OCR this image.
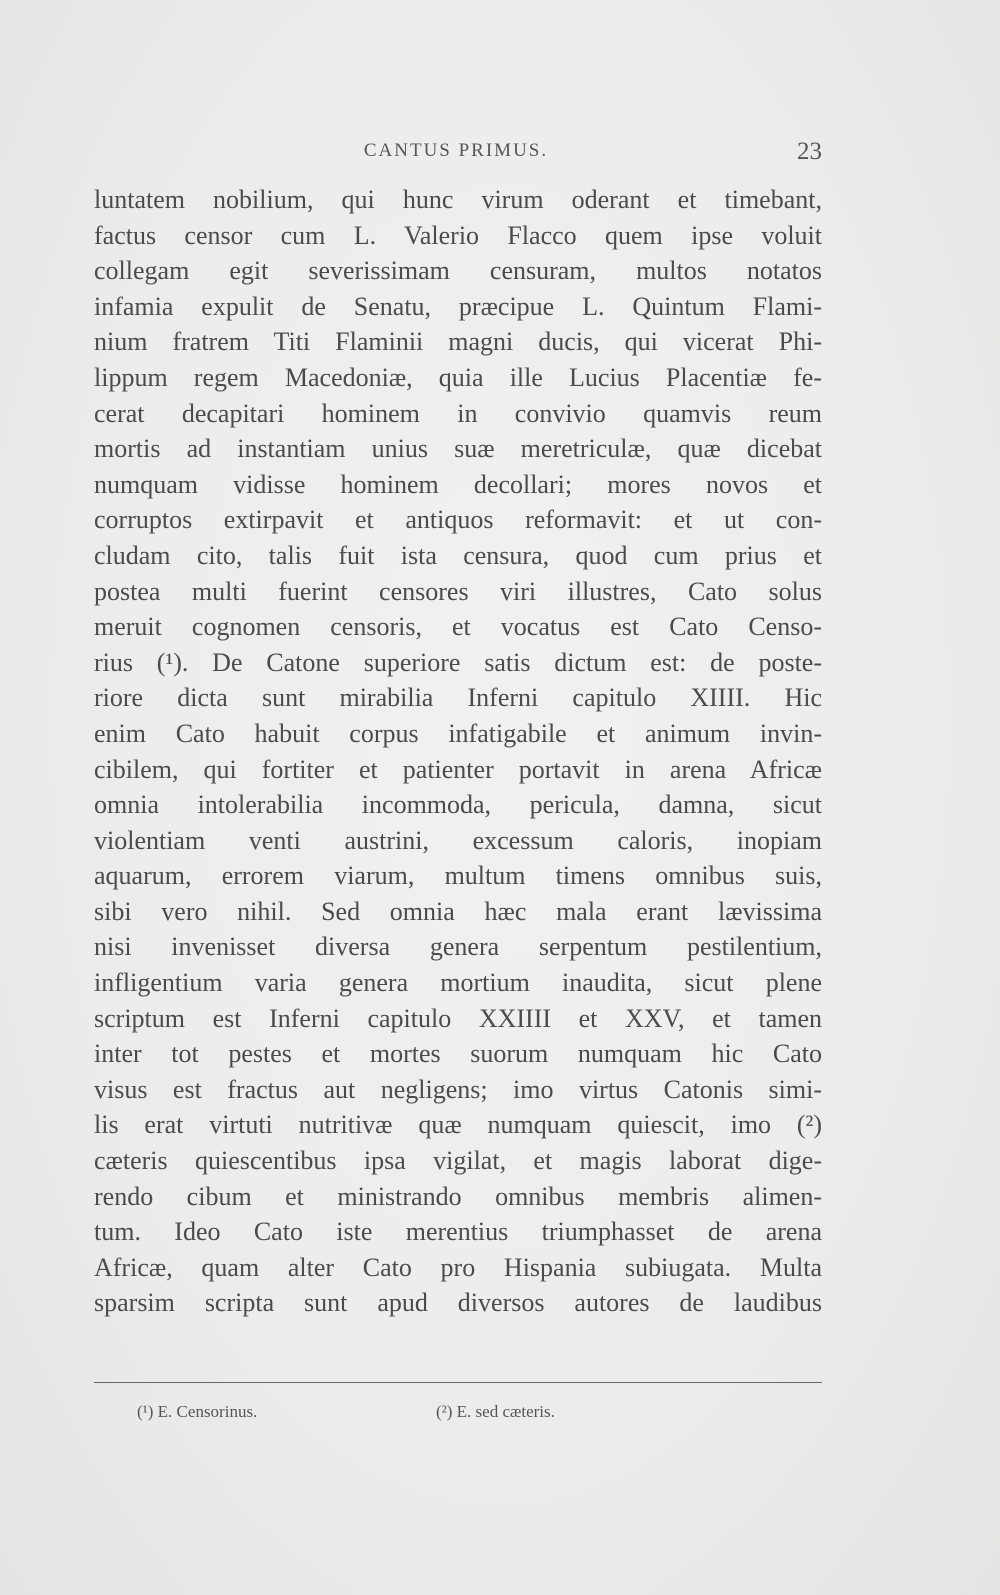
CANTUS PRIMUS.	23
luntatem nobilium, qui hunc virum oderant et timebant,
factus censor cum L. Valerio Flacco quem ipse voluit
collegam egit severissimam censuram, multos notatos
infamia expulit de Senatu, præcipue L. Quintum Flami-
nium fratrem Titi Flaminii magni ducis, qui vicerat Phi-
lippum regem Macedoniæ, quia ille Lucius Placentiæ fe-
cerat decapitari hominem in convivio quamvis reum
mortis ad instantiam unius suæ meretriculæ, quæ dicebat
numquam vidisse hominem decollari; mores novos et
corruptos extirpavit et antiquos reformavit: et ut con-
cludam cito, talis fuit ista censura, quod cum prius et
postea multi fuerint censores viri illustres, Cato solus
meruit cognomen censoris, et vocatus est Cato Censo-
rius (¹). De Catone superiore satis dictum est: de poste-
riore dicta sunt mirabilia Inferni capitulo XIIII. Hic
enim Cato habuit corpus infatigabile et animum invin-
cibilem, qui fortiter et patienter portavit in arena Africæ
omnia intolerabilia incommoda, pericula, damna, sicut
violentiam venti austrini, excessum caloris, inopiam
aquarum, errorem viarum, multum timens omnibus suis,
sibi vero nihil. Sed omnia hæc mala erant lævissima
nisi invenisset diversa genera serpentum pestilentium,
infligentium varia genera mortium inaudita, sicut plene
scriptum est Inferni capitulo XXIIII et XXV, et tamen
inter tot pestes et mortes suorum numquam hic Cato
visus est fractus aut negligens; imo virtus Catonis simi-
lis erat virtuti nutritivæ quæ numquam quiescit, imo (²)
cæteris quiescentibus ipsa vigilat, et magis laborat dige-
rendo cibum et ministrando omnibus membris alimen-
tum. Ideo Cato iste merentius triumphasset de arena
Africæ, quam alter Cato pro Hispania subiugata. Multa
sparsim scripta sunt apud diversos autores de laudibus
(¹) E. Censorinus.	(²) E. sed cæteris.
